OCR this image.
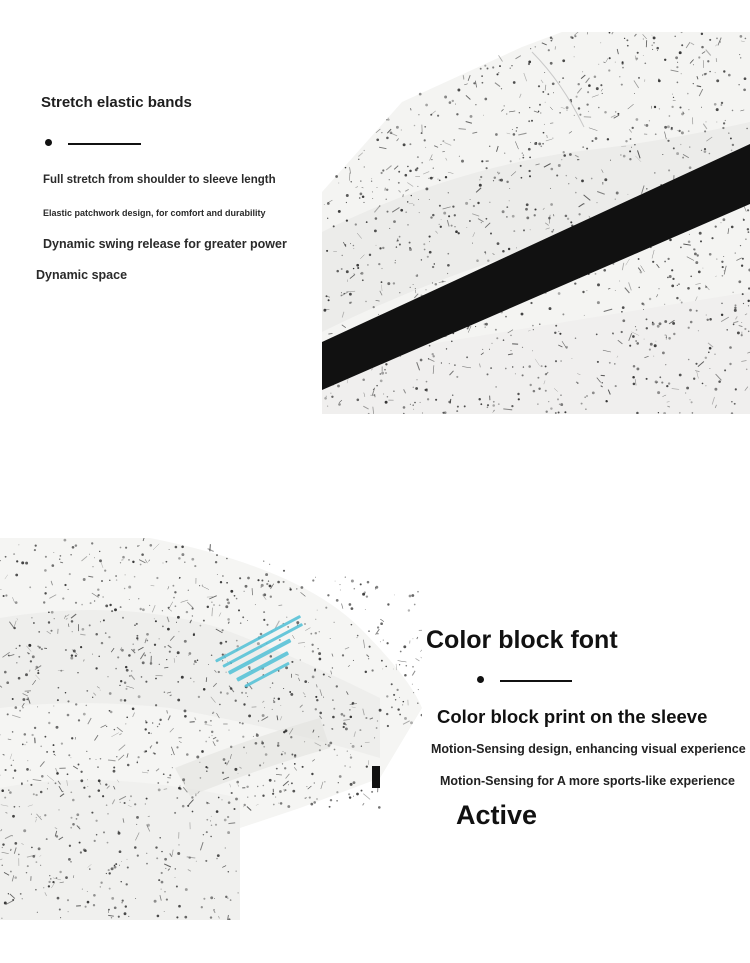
Stretch elastic bands
Full stretch from shoulder to sleeve length
Elastic patchwork design, for comfort and durability
Dynamic swing release for greater power
Dynamic space
Color block font
Color block print on the sleeve
Motion-Sensing design, enhancing visual experience
Motion-Sensing for A more sports-like experience
Active
